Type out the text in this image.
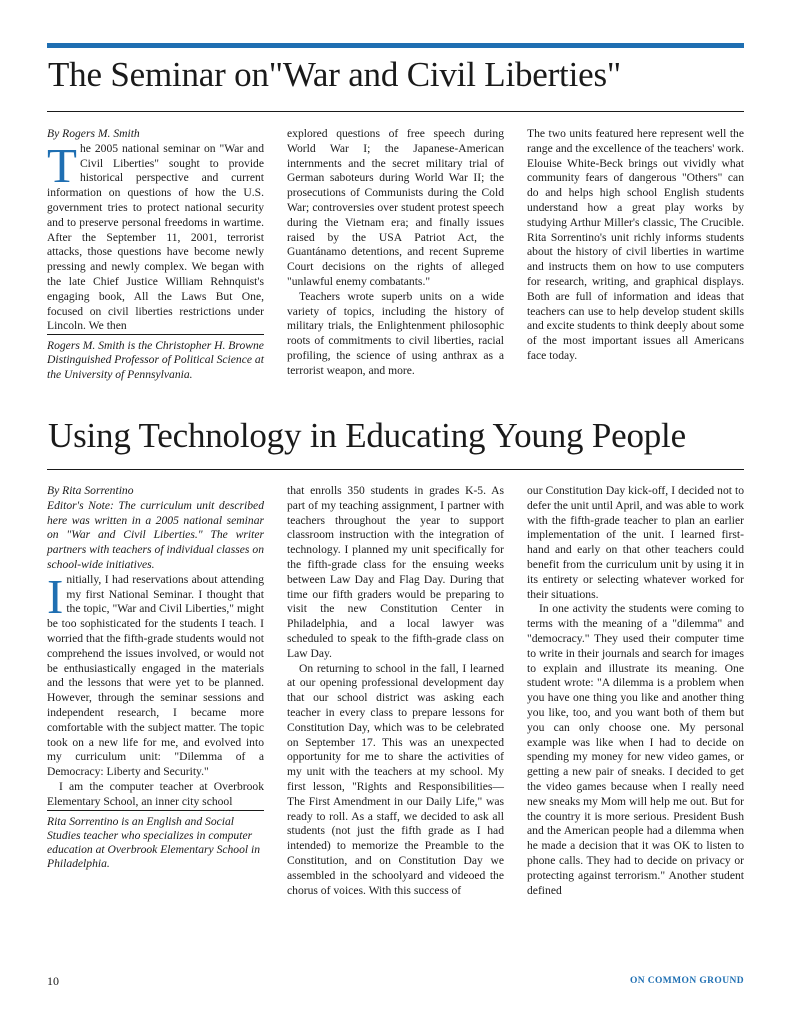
The Seminar on"War and Civil Liberties"

By Rogers M. Smith

The 2005 national seminar on "War and Civil Liberties" sought to provide historical perspective and current information on questions of how the U.S. government tries to protect national security and to preserve personal freedoms in wartime. After the September 11, 2001, terrorist attacks, those questions have become newly pressing and newly complex. We began with the late Chief Justice William Rehnquist's engaging book, All the Laws But One, focused on civil liberties restrictions under Lincoln. We then

Rogers M. Smith is the Christopher H. Browne Distinguished Professor of Political Science at the University of Pennsylvania.

explored questions of free speech during World War I; the Japanese-American internments and the secret military trial of German saboteurs during World War II; the prosecutions of Communists during the Cold War; controversies over student protest speech during the Vietnam era; and finally issues raised by the USA Patriot Act, the Guantánamo detentions, and recent Supreme Court decisions on the rights of alleged "unlawful enemy combatants."

Teachers wrote superb units on a wide variety of topics, including the history of military trials, the Enlightenment philosophic roots of commitments to civil liberties, racial profiling, the science of using anthrax as a terrorist weapon, and more.

The two units featured here represent well the range and the excellence of the teachers' work. Elouise White-Beck brings out vividly what community fears of dangerous "Others" can do and helps high school English students understand how a great play works by studying Arthur Miller's classic, The Crucible. Rita Sorrentino's unit richly informs students about the history of civil liberties in wartime and instructs them on how to use computers for research, writing, and graphical displays. Both are full of information and ideas that teachers can use to help develop student skills and excite students to think deeply about some of the most important issues all Americans face today.

Using Technology in Educating Young People

By Rita Sorrentino

Editor's Note: The curriculum unit described here was written in a 2005 national seminar on "War and Civil Liberties." The writer partners with teachers of individual classes on school-wide initiatives.

Initially, I had reservations about attending my first National Seminar. I thought that the topic, "War and Civil Liberties," might be too sophisticated for the students I teach. I worried that the fifth-grade students would not comprehend the issues involved, or would not be enthusiastically engaged in the materials and the lessons that were yet to be planned. However, through the seminar sessions and independent research, I became more comfortable with the subject matter. The topic took on a new life for me, and evolved into my curriculum unit: "Dilemma of a Democracy: Liberty and Security."

I am the computer teacher at Overbrook Elementary School, an inner city school

Rita Sorrentino is an English and Social Studies teacher who specializes in computer education at Overbrook Elementary School in Philadelphia.

that enrolls 350 students in grades K-5. As part of my teaching assignment, I partner with teachers throughout the year to support classroom instruction with the integration of technology. I planned my unit specifically for the fifth-grade class for the ensuing weeks between Law Day and Flag Day. During that time our fifth graders would be preparing to visit the new Constitution Center in Philadelphia, and a local lawyer was scheduled to speak to the fifth-grade class on Law Day.

On returning to school in the fall, I learned at our opening professional development day that our school district was asking each teacher in every class to prepare lessons for Constitution Day, which was to be celebrated on September 17. This was an unexpected opportunity for me to share the activities of my unit with the teachers at my school. My first lesson, "Rights and Responsibilities—The First Amendment in our Daily Life," was ready to roll. As a staff, we decided to ask all students (not just the fifth grade as I had intended) to memorize the Preamble to the Constitution, and on Constitution Day we assembled in the schoolyard and videoed the chorus of voices. With this success of

our Constitution Day kick-off, I decided not to defer the unit until April, and was able to work with the fifth-grade teacher to plan an earlier implementation of the unit. I learned first-hand and early on that other teachers could benefit from the curriculum unit by using it in its entirety or selecting whatever worked for their situations.

In one activity the students were coming to terms with the meaning of a "dilemma" and "democracy." They used their computer time to write in their journals and search for images to explain and illustrate its meaning. One student wrote: "A dilemma is a problem when you have one thing you like and another thing you like, too, and you want both of them but you can only choose one. My personal example was like when I had to decide on spending my money for new video games, or getting a new pair of sneaks. I decided to get the video games because when I really need new sneaks my Mom will help me out. But for the country it is more serious. President Bush and the American people had a dilemma when he made a decision that it was OK to listen to phone calls. They had to decide on privacy or protecting against terrorism." Another student defined

10	ON COMMON GROUND
